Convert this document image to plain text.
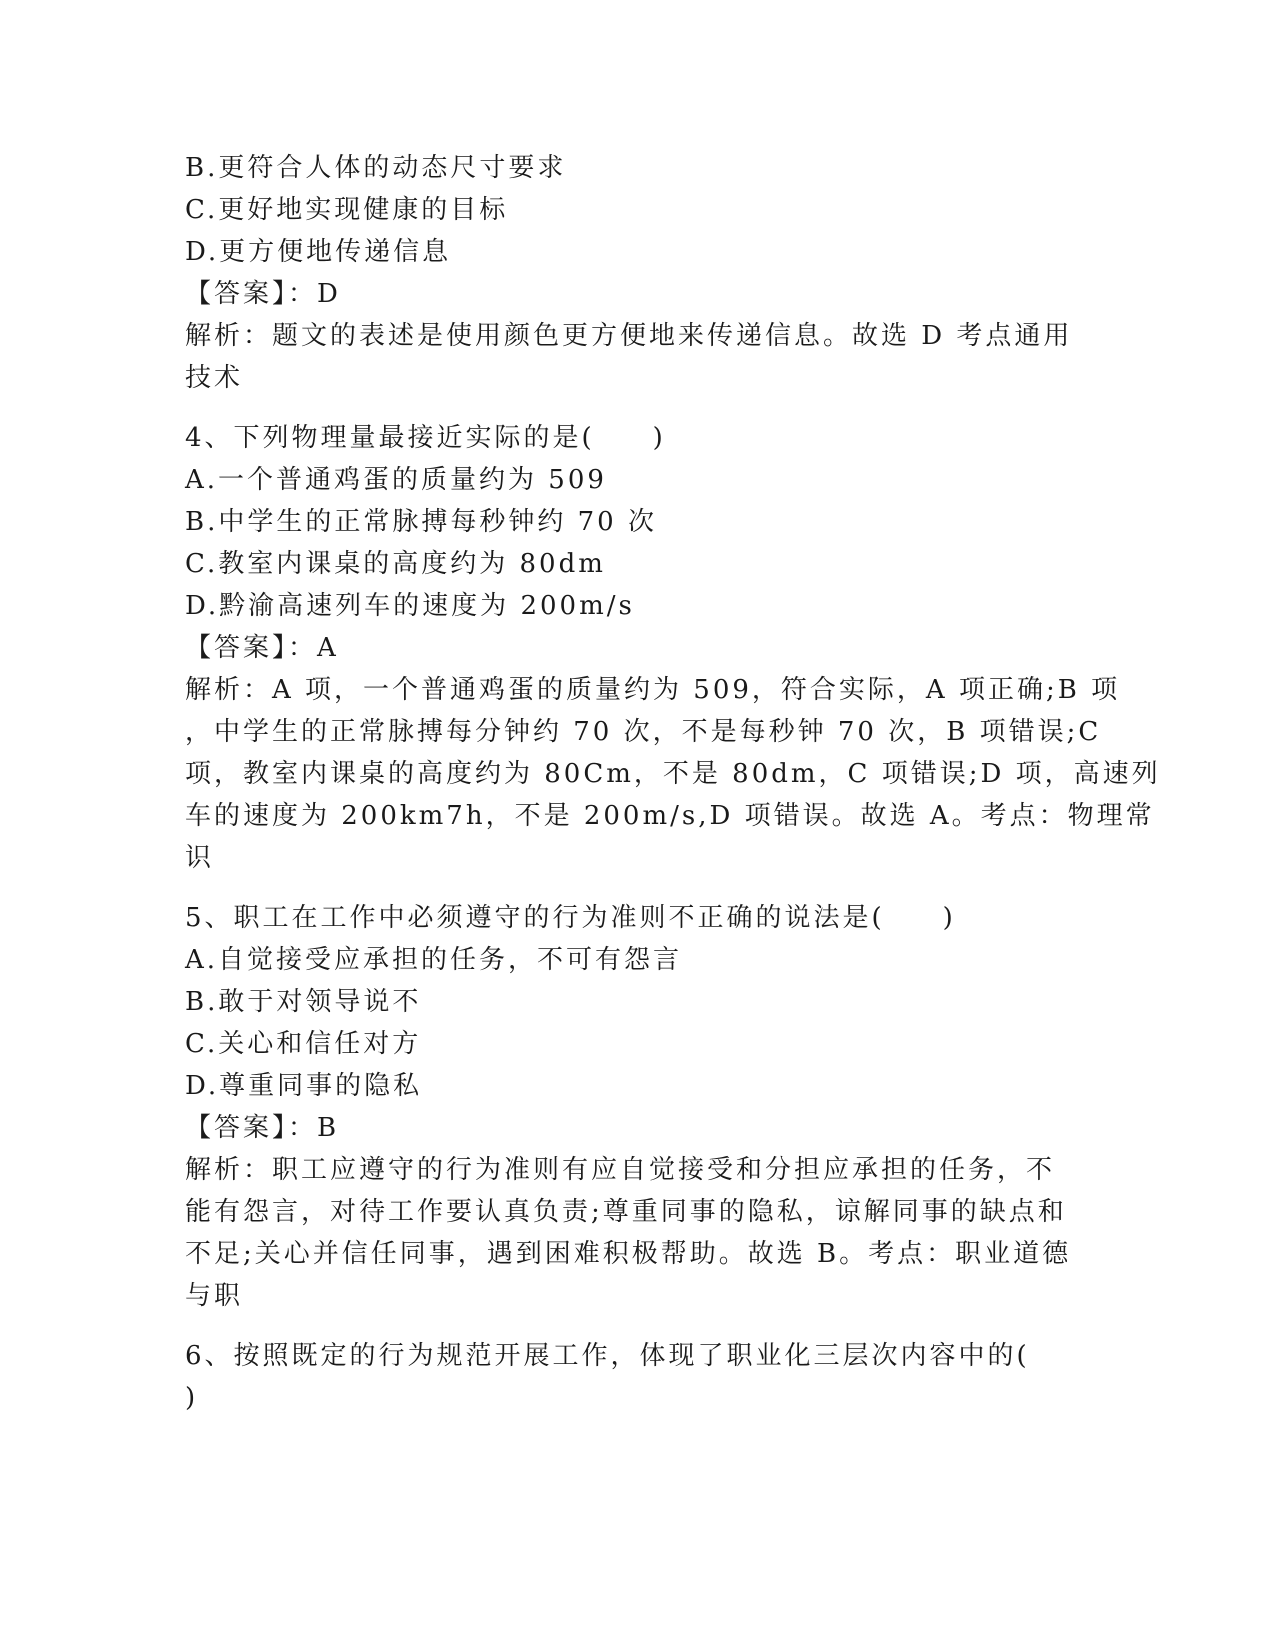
B.更符合人体的动态尺寸要求
C.更好地实现健康的目标
D.更方便地传递信息
【答案】：D
解析：题文的表述是使用颜色更方便地来传递信息。故选 D 考点通用
技术
4、下列物理量最接近实际的是(　　)
A.一个普通鸡蛋的质量约为 509
B.中学生的正常脉搏每秒钟约 70 次
C.教室内课桌的高度约为 80dm
D.黔渝高速列车的速度为 200m/s
【答案】：A
解析：A 项，一个普通鸡蛋的质量约为 509，符合实际，A 项正确;B 项
，中学生的正常脉搏每分钟约 70 次，不是每秒钟 70 次，B 项错误;C
项，教室内课桌的高度约为 80Cm，不是 80dm，C 项错误;D 项，高速列
车的速度为 200km7h，不是 200m/s,D 项错误。故选 A。考点：物理常
识
5、职工在工作中必须遵守的行为准则不正确的说法是(　　)
A.自觉接受应承担的任务，不可有怨言
B.敢于对领导说不
C.关心和信任对方
D.尊重同事的隐私
【答案】：B
解析：职工应遵守的行为准则有应自觉接受和分担应承担的任务，不
能有怨言，对待工作要认真负责;尊重同事的隐私，谅解同事的缺点和
不足;关心并信任同事，遇到困难积极帮助。故选 B。考点：职业道德
与职
6、按照既定的行为规范开展工作，体现了职业化三层次内容中的(
)
